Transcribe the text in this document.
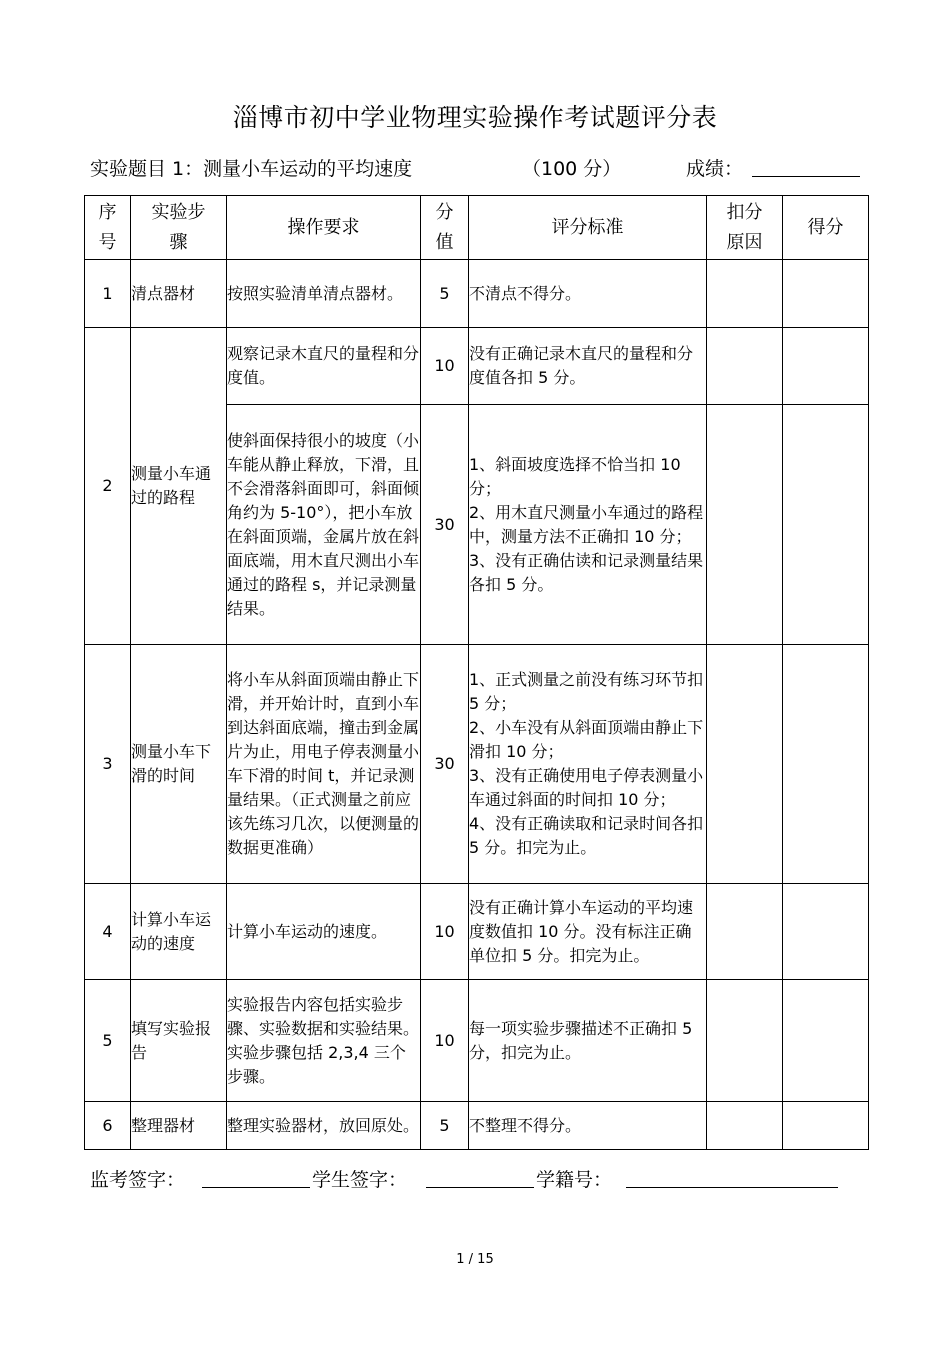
淄博市初中学业物理实验操作考试题评分表
实验题目 1：测量小车运动的平均速度	（100 分）	成绩：
序号	实验步骤	操作要求	分值	评分标准	扣分原因	得分
1	清点器材	按照实验清单清点器材。	5	不清点不得分。		
2	测量小车通过的路程	观察记录木直尺的量程和分度值。	10	没有正确记录木直尺的量程和分度值各扣 5 分。		
		使斜面保持很小的坡度（小车能从静止释放，下滑，且不会滑落斜面即可，斜面倾角约为 5-10°），把小车放在斜面顶端，金属片放在斜面底端，用木直尺测出小车通过的路程 s，并记录测量结果。	30	1、斜面坡度选择不恰当扣 10 分；
2、用木直尺测量小车通过的路程中，测量方法不正确扣 10 分；
3、没有正确估读和记录测量结果各扣 5 分。		
3	测量小车下滑的时间	将小车从斜面顶端由静止下滑，并开始计时，直到小车到达斜面底端，撞击到金属片为止，用电子停表测量小车下滑的时间 t，并记录测量结果。（正式测量之前应该先练习几次，以便测量的数据更准确）	30	1、正式测量之前没有练习环节扣 5 分；
2、小车没有从斜面顶端由静止下滑扣 10 分；
3、没有正确使用电子停表测量小车通过斜面的时间扣 10 分；
4、没有正确读取和记录时间各扣 5 分。扣完为止。		
4	计算小车运动的速度	计算小车运动的速度。	10	没有正确计算小车运动的平均速度数值扣 10 分。没有标注正确单位扣 5 分。扣完为止。		
5	填写实验报告	实验报告内容包括实验步骤、实验数据和实验结果。实验步骤包括 2,3,4 三个步骤。	10	每一项实验步骤描述不正确扣 5 分，扣完为止。		
6	整理器材	整理实验器材，放回原处。	5	不整理不得分。		
监考签字：	学生签字：	学籍号：
1 / 15
